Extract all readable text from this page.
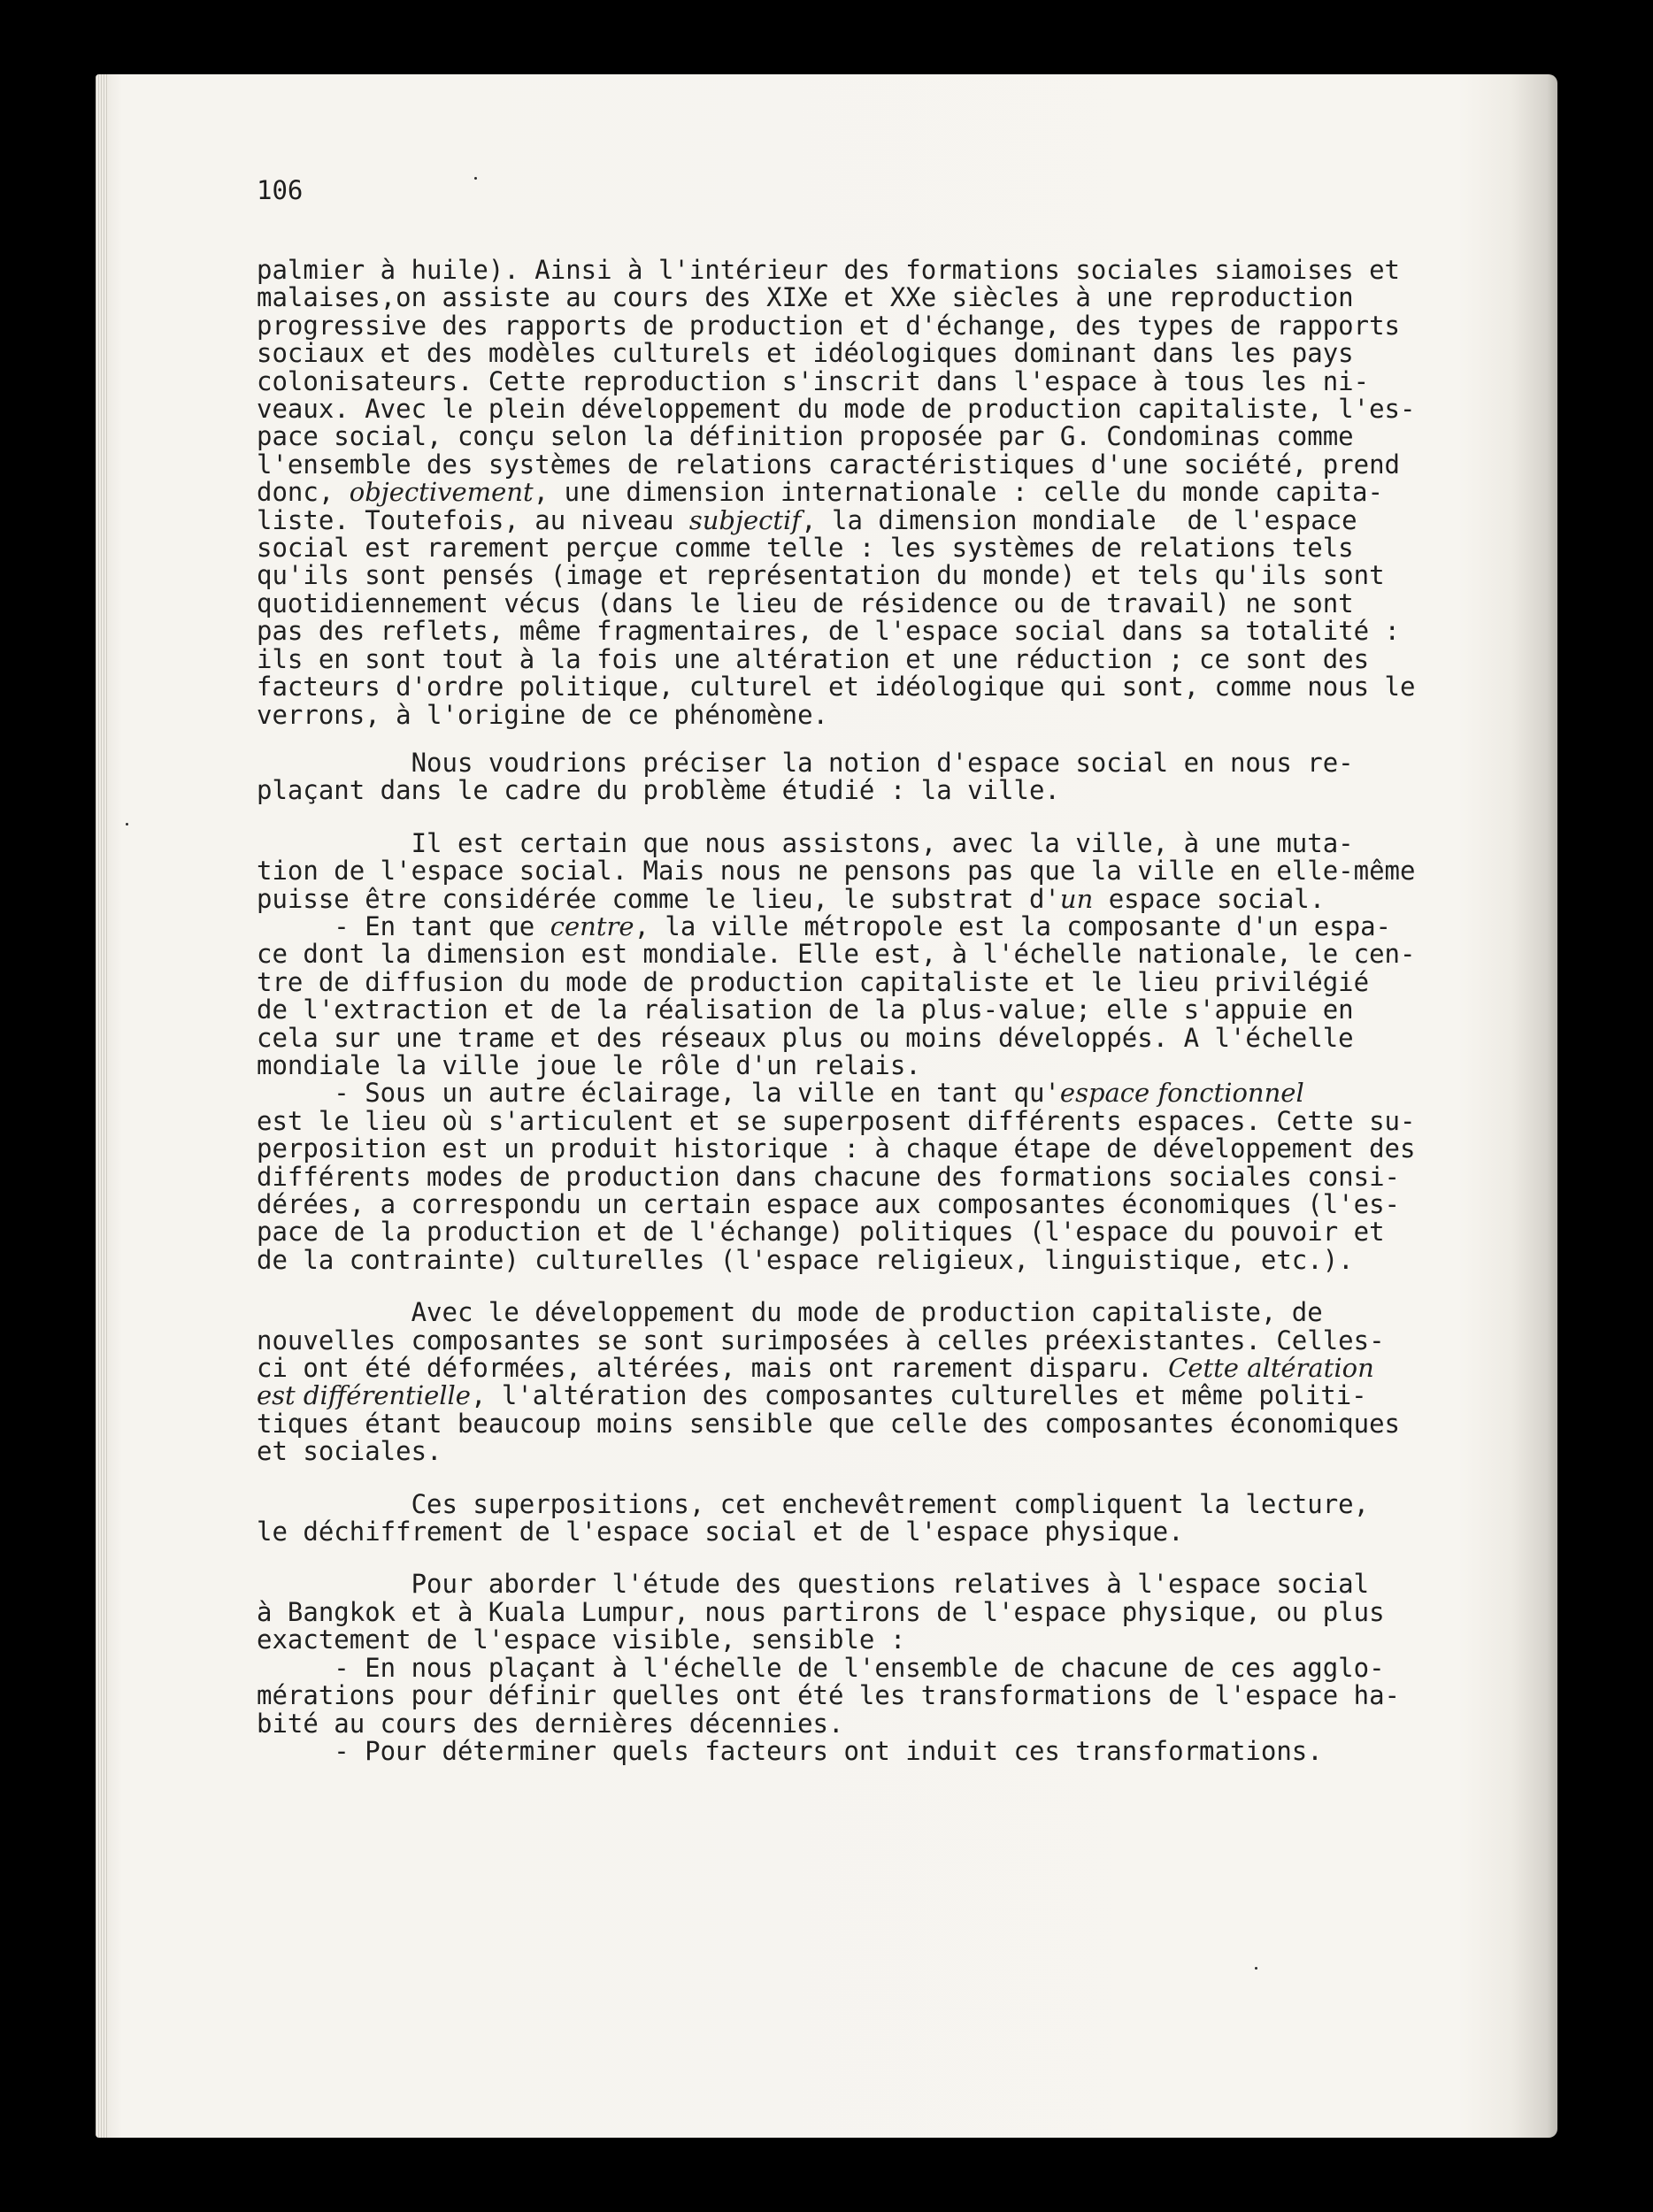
106

palmier à huile). Ainsi à l'intérieur des formations sociales siamoises et
malaises,on assiste au cours des XIXe et XXe siècles à une reproduction
progressive des rapports de production et d'échange, des types de rapports
sociaux et des modèles culturels et idéologiques dominant dans les pays
colonisateurs. Cette reproduction s'inscrit dans l'espace à tous les ni-
veaux. Avec le plein développement du mode de production capitaliste, l'es-
pace social, conçu selon la définition proposée par G. Condominas comme
l'ensemble des systèmes de relations caractéristiques d'une société, prend
donc, objectivement, une dimension internationale : celle du monde capita-
liste. Toutefois, au niveau subjectif, la dimension mondiale  de l'espace
social est rarement perçue comme telle : les systèmes de relations tels
qu'ils sont pensés (image et représentation du monde) et tels qu'ils sont
quotidiennement vécus (dans le lieu de résidence ou de travail) ne sont
pas des reflets, même fragmentaires, de l'espace social dans sa totalité :
ils en sont tout à la fois une altération et une réduction ; ce sont des
facteurs d'ordre politique, culturel et idéologique qui sont, comme nous le
verrons, à l'origine de ce phénomène.

Nous voudrions préciser la notion d'espace social en nous re-
plaçant dans le cadre du problème étudié : la ville.

Il est certain que nous assistons, avec la ville, à une muta-
tion de l'espace social. Mais nous ne pensons pas que la ville en elle-même
puisse être considérée comme le lieu, le substrat d'un espace social.
- En tant que centre, la ville métropole est la composante d'un espa-
ce dont la dimension est mondiale. Elle est, à l'échelle nationale, le cen-
tre de diffusion du mode de production capitaliste et le lieu privilégié
de l'extraction et de la réalisation de la plus-value; elle s'appuie en
cela sur une trame et des réseaux plus ou moins développés. A l'échelle
mondiale la ville joue le rôle d'un relais.
- Sous un autre éclairage, la ville en tant qu'espace fonctionnel
est le lieu où s'articulent et se superposent différents espaces. Cette su-
perposition est un produit historique : à chaque étape de développement des
différents modes de production dans chacune des formations sociales consi-
dérées, a correspondu un certain espace aux composantes économiques (l'es-
pace de la production et de l'échange) politiques (l'espace du pouvoir et
de la contrainte) culturelles (l'espace religieux, linguistique, etc.).

Avec le développement du mode de production capitaliste, de
nouvelles composantes se sont surimposées à celles préexistantes. Celles-
ci ont été déformées, altérées, mais ont rarement disparu. Cette altération
est différentielle, l'altération des composantes culturelles et même politi-
tiques étant beaucoup moins sensible que celle des composantes économiques
et sociales.

Ces superpositions, cet enchevêtrement compliquent la lecture,
le déchiffrement de l'espace social et de l'espace physique.

Pour aborder l'étude des questions relatives à l'espace social
à Bangkok et à Kuala Lumpur, nous partirons de l'espace physique, ou plus
exactement de l'espace visible, sensible :
- En nous plaçant à l'échelle de l'ensemble de chacune de ces agglo-
mérations pour définir quelles ont été les transformations de l'espace ha-
bité au cours des dernières décennies.
- Pour déterminer quels facteurs ont induit ces transformations.
